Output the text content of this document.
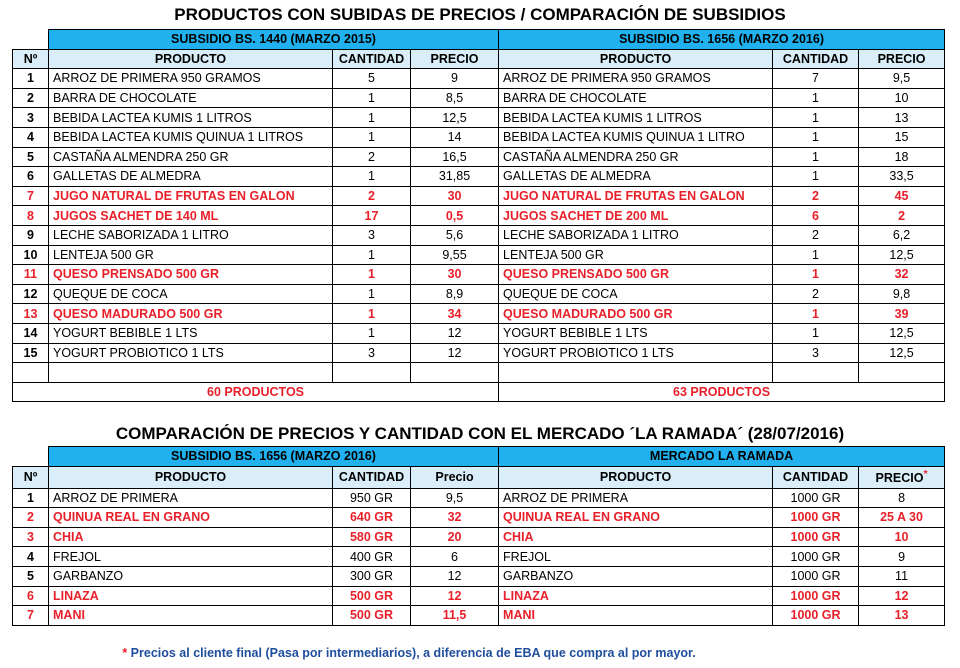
PRODUCTOS CON SUBIDAS DE PRECIOS / COMPARACIÓN DE SUBSIDIOS
	SUBSIDIO BS. 1440 (MARZO 2015)			SUBSIDIO BS. 1656 (MARZO 2016)		
Nº	PRODUCTO	CANTIDAD	PRECIO	PRODUCTO	CANTIDAD	PRECIO
1	ARROZ DE PRIMERA 950 GRAMOS	5	9	ARROZ DE PRIMERA 950 GRAMOS	7	9,5
2	BARRA DE CHOCOLATE	1	8,5	BARRA DE CHOCOLATE	1	10
3	BEBIDA LACTEA KUMIS 1 LITROS	1	12,5	BEBIDA LACTEA KUMIS 1 LITROS	1	13
4	BEBIDA LACTEA KUMIS QUINUA 1 LITROS	1	14	BEBIDA LACTEA KUMIS QUINUA 1 LITRO	1	15
5	CASTAÑA ALMENDRA 250 GR	2	16,5	CASTAÑA ALMENDRA 250 GR	1	18
6	GALLETAS DE ALMEDRA	1	31,85	GALLETAS DE ALMEDRA	1	33,5
7	JUGO NATURAL DE FRUTAS EN GALON	2	30	JUGO NATURAL DE FRUTAS EN GALON	2	45
8	JUGOS SACHET DE 140 ML	17	0,5	JUGOS SACHET DE 200 ML	6	2
9	LECHE SABORIZADA 1 LITRO	3	5,6	LECHE SABORIZADA 1 LITRO	2	6,2
10	LENTEJA 500 GR	1	9,55	LENTEJA 500 GR	1	12,5
11	QUESO PRENSADO 500 GR	1	30	QUESO PRENSADO 500 GR	1	32
12	QUEQUE DE COCA	1	8,9	QUEQUE DE COCA	2	9,8
13	QUESO MADURADO 500 GR	1	34	QUESO MADURADO 500 GR	1	39
14	YOGURT BEBIBLE 1 LTS	1	12	YOGURT BEBIBLE 1 LTS	1	12,5
15	YOGURT PROBIOTICO 1 LTS	3	12	YOGURT PROBIOTICO 1 LTS	3	12,5

60 PRODUCTOS				63 PRODUCTOS		
COMPARACIÓN DE PRECIOS Y CANTIDAD CON EL MERCADO ´LA RAMADA´ (28/07/2016)
	SUBSIDIO BS. 1656 (MARZO 2016)			MERCADO LA RAMADA		
Nº	PRODUCTO	CANTIDAD	Precio	PRODUCTO	CANTIDAD	PRECIO*
1	ARROZ DE PRIMERA	950 GR	9,5	ARROZ DE PRIMERA	1000 GR	8
2	QUINUA REAL EN GRANO	640 GR	32	QUINUA REAL EN GRANO	1000 GR	25 A 30
3	CHIA	580 GR	20	CHIA	1000 GR	10
4	FREJOL	400 GR	6	FREJOL	1000 GR	9
5	GARBANZO	300 GR	12	GARBANZO	1000 GR	11
6	LINAZA	500 GR	12	LINAZA	1000 GR	12
7	MANI	500 GR	11,5	MANI	1000 GR	13
* Precios al cliente final (Pasa por intermediarios), a diferencia de EBA que compra al por mayor.
